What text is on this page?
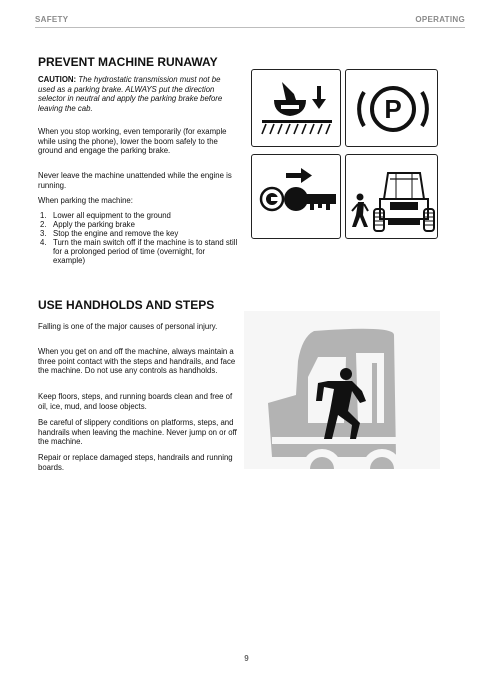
SAFETY	OPERATING
PREVENT MACHINE RUNAWAY

CAUTION: The hydrostatic transmission must not be used as a parking brake. ALWAYS put the direction selector in neutral and apply the parking brake before leaving the cab.

When you stop working, even temporarily (for example while using the phone), lower the boom safely to the ground and engage the parking brake.

Never leave the machine unattended while the engine is running.

When parking the machine:

1. Lower all equipment to the ground
2. Apply the parking brake
3. Stop the engine and remove the key
4. Turn the main switch off if the machine is to stand still for a prolonged period of time (overnight, for example)
P
USE HANDHOLDS AND STEPS

Falling is one of the major causes of personal injury.

When you get on and off the machine, always maintain a three point contact with the steps and handrails, and face the machine. Do not use any controls as handholds.

Keep floors, steps, and running boards clean and free of oil, ice, mud, and loose objects.

Be careful of slippery conditions on platforms, steps, and handrails when leaving the machine. Never jump on or off the machine.

Repair or replace damaged steps, handrails and running boards.

9
